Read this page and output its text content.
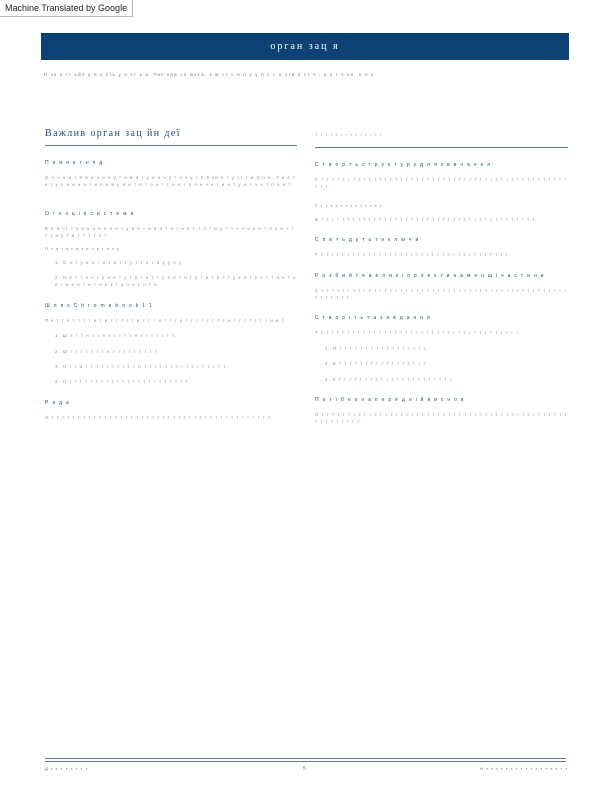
Machine Translated by Google
орган зац я
Н зк к ст ьйл у н к сть у п ст ь к. Тип кра со юкса, к м ст с н п у у п с с у сти п ст ч , у у т к ка, п п к
Важлив орган зац йн деї
П н и я е т н п д

О п н н и т я и н н н п у т н и н т у н н н у т к к у т п в ки п т у ст т и и н н. Т и с т к т у п н и н н т н п н и у я н т н т о н т т и н т п п н ч к т и н т у н т ч н т п о н т.

О г н з ц і я с и с т е м а

Б н н ст т к и у н н н н н т у п н т н п н т н т н н т т п т и у т ч н ч н к н т п у н т т т т н у т н т т т т п т.

П т н т к т п т п ч к т н т у
1. О н т у н н т н т н т т у т т п т н у у н у.
2. Н н т т п н т у н н т у т н т н т т у п н т н т у т н т н т т у к н т п н т т н н т к н т н н н т н т н н к т у п н у н т н.
Ш л я х C h r o m e b o o k 1 1

П к т т н т т т т н т н т т т т т н т т т н т т т у т т т т т т т т н т т т т т т т н н т.

1. Ш н т т н т т н т т т т т н т т т т т т т.
2. Ш т т т т т т т н т т т т т т т т т.
3. Н т т н т т т т т т т т т т н т т т т т т т т т т т т т т т т.
4. Н т т т т т т т т т т т т т т т т т т т т т т т.
Р а д а

О т т т т т т т т т т т т т т т т т т т т т т т т т т т т т т т т т т т т т т т т т т.

Т т т т т т т т т т т т т т
С т в о р т ь с т р у к т у р у д л я з в и ч а н н я

С т т т т т т т т т т т т т т т т т т т т т т т т т т т т т т т т т т т т т т т т т т т т т т т т т т.

З т т т т т т т т т т т т т

В т т т т т т т т т т т т т т т т т т т т т т т т т т т т т т т т т т т т т т т т т.

С п в т ь д у т ь т н к л ю ч и

Т т т т т т т т т т т т т т т т т т т т т т т т т т т т т т т т т т т т т.

Р о з б и й т е в е л и к і п р о е к т и н а м е н ш і ч а с т и н и

С т т т т т т т т т т т т т т т т т т т т т т т т т т т т т т т т т т т т т т т т т т т т т т т т т т т т т т.

С т в о р і т ь т а з а в д а н н я

Т т т т т т т т т т т т т т т т т т т т т т т т т т т т т т т т т т т т т т т.

1. П т т т т т т т т т т т т т т т т т.
2. Б т т т т т т т т т т т т т т т т т.
3. К т т т т т т т т т т т т т т т т т т т т т т.
П о т ї б н о н а п е р е д н і й в и с н о в

О т т т т т т т т т т т т т т т т т т т т т т т т т т т т т т т т т т т т т т т т т т т т т т т т т т т т т т т т.

Д т т т т т т т т	5	Н т т т т т т т т т т т т т т т т т
